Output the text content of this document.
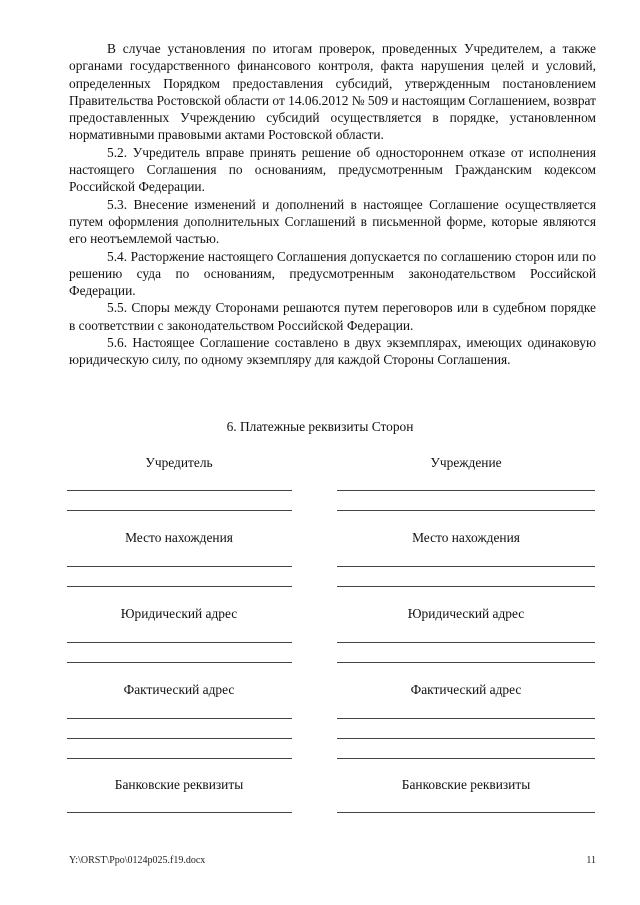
В случае установления по итогам проверок, проведенных Учредителем, а также органами государственного финансового контроля, факта нарушения целей и условий, определенных Порядком предоставления субсидий, утвержденным постановлением Правительства Ростовской области от 14.06.2012 № 509 и настоящим Соглашением, возврат предоставленных Учреждению субсидий осуществляется в порядке, установленном нормативными правовыми актами Ростовской области.

5.2. Учредитель вправе принять решение об одностороннем отказе от исполнения настоящего Соглашения по основаниям, предусмотренным Гражданским кодексом Российской Федерации.

5.3. Внесение изменений и дополнений в настоящее Соглашение осуществляется путем оформления дополнительных Соглашений в письменной форме, которые являются его неотъемлемой частью.

5.4. Расторжение настоящего Соглашения допускается по соглашению сторон или по решению суда по основаниям, предусмотренным законодательством Российской Федерации.

5.5. Споры между Сторонами решаются путем переговоров или в судебном порядке в соответствии с законодательством Российской Федерации.

5.6. Настоящее Соглашение составлено в двух экземплярах, имеющих одинаковую юридическую силу, по одному экземпляру для каждой Стороны Соглашения.

6. Платежные реквизиты Сторон
Учредитель	Учреждение
Место нахождения	Место нахождения
Юридический адрес	Юридический адрес
Фактический адрес	Фактический адрес
Банковские реквизиты	Банковские реквизиты
Y:\ORST\Ppo\0124p025.f19.docx	11
